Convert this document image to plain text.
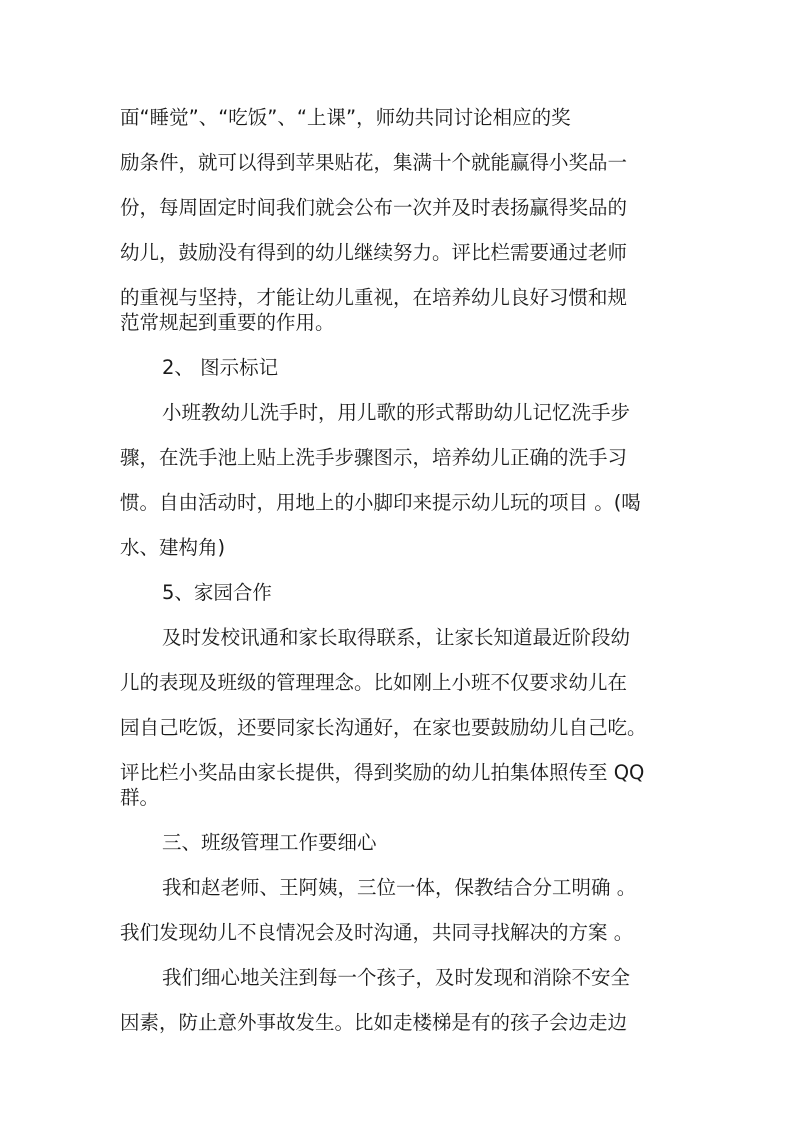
面“睡觉”、“吃饭”、“上课”，师幼共同讨论相应的奖
励条件，就可以得到苹果贴花，集满十个就能赢得小奖品一
份，每周固定时间我们就会公布一次并及时表扬赢得奖品的
幼儿，鼓励没有得到的幼儿继续努力。评比栏需要通过老师
的重视与坚持，才能让幼儿重视，在培养幼儿良好习惯和规
范常规起到重要的作用。
2、 图示标记
小班教幼儿洗手时，用儿歌的形式帮助幼儿记忆洗手步
骤，在洗手池上贴上洗手步骤图示，培养幼儿正确的洗手习
惯。自由活动时，用地上的小脚印来提示幼儿玩的项目 。(喝
水、建构角)
5、家园合作
及时发校讯通和家长取得联系，让家长知道最近阶段幼
儿的表现及班级的管理理念。比如刚上小班不仅要求幼儿在
园自己吃饭，还要同家长沟通好，在家也要鼓励幼儿自己吃。
评比栏小奖品由家长提供，得到奖励的幼儿拍集体照传至 QQ
群。
三、班级管理工作要细心
我和赵老师、王阿姨，三位一体，保教结合分工明确 。
我们发现幼儿不良情况会及时沟通，共同寻找解决的方案 。
我们细心地关注到每一个孩子，及时发现和消除不安全
因素，防止意外事故发生。比如走楼梯是有的孩子会边走边
